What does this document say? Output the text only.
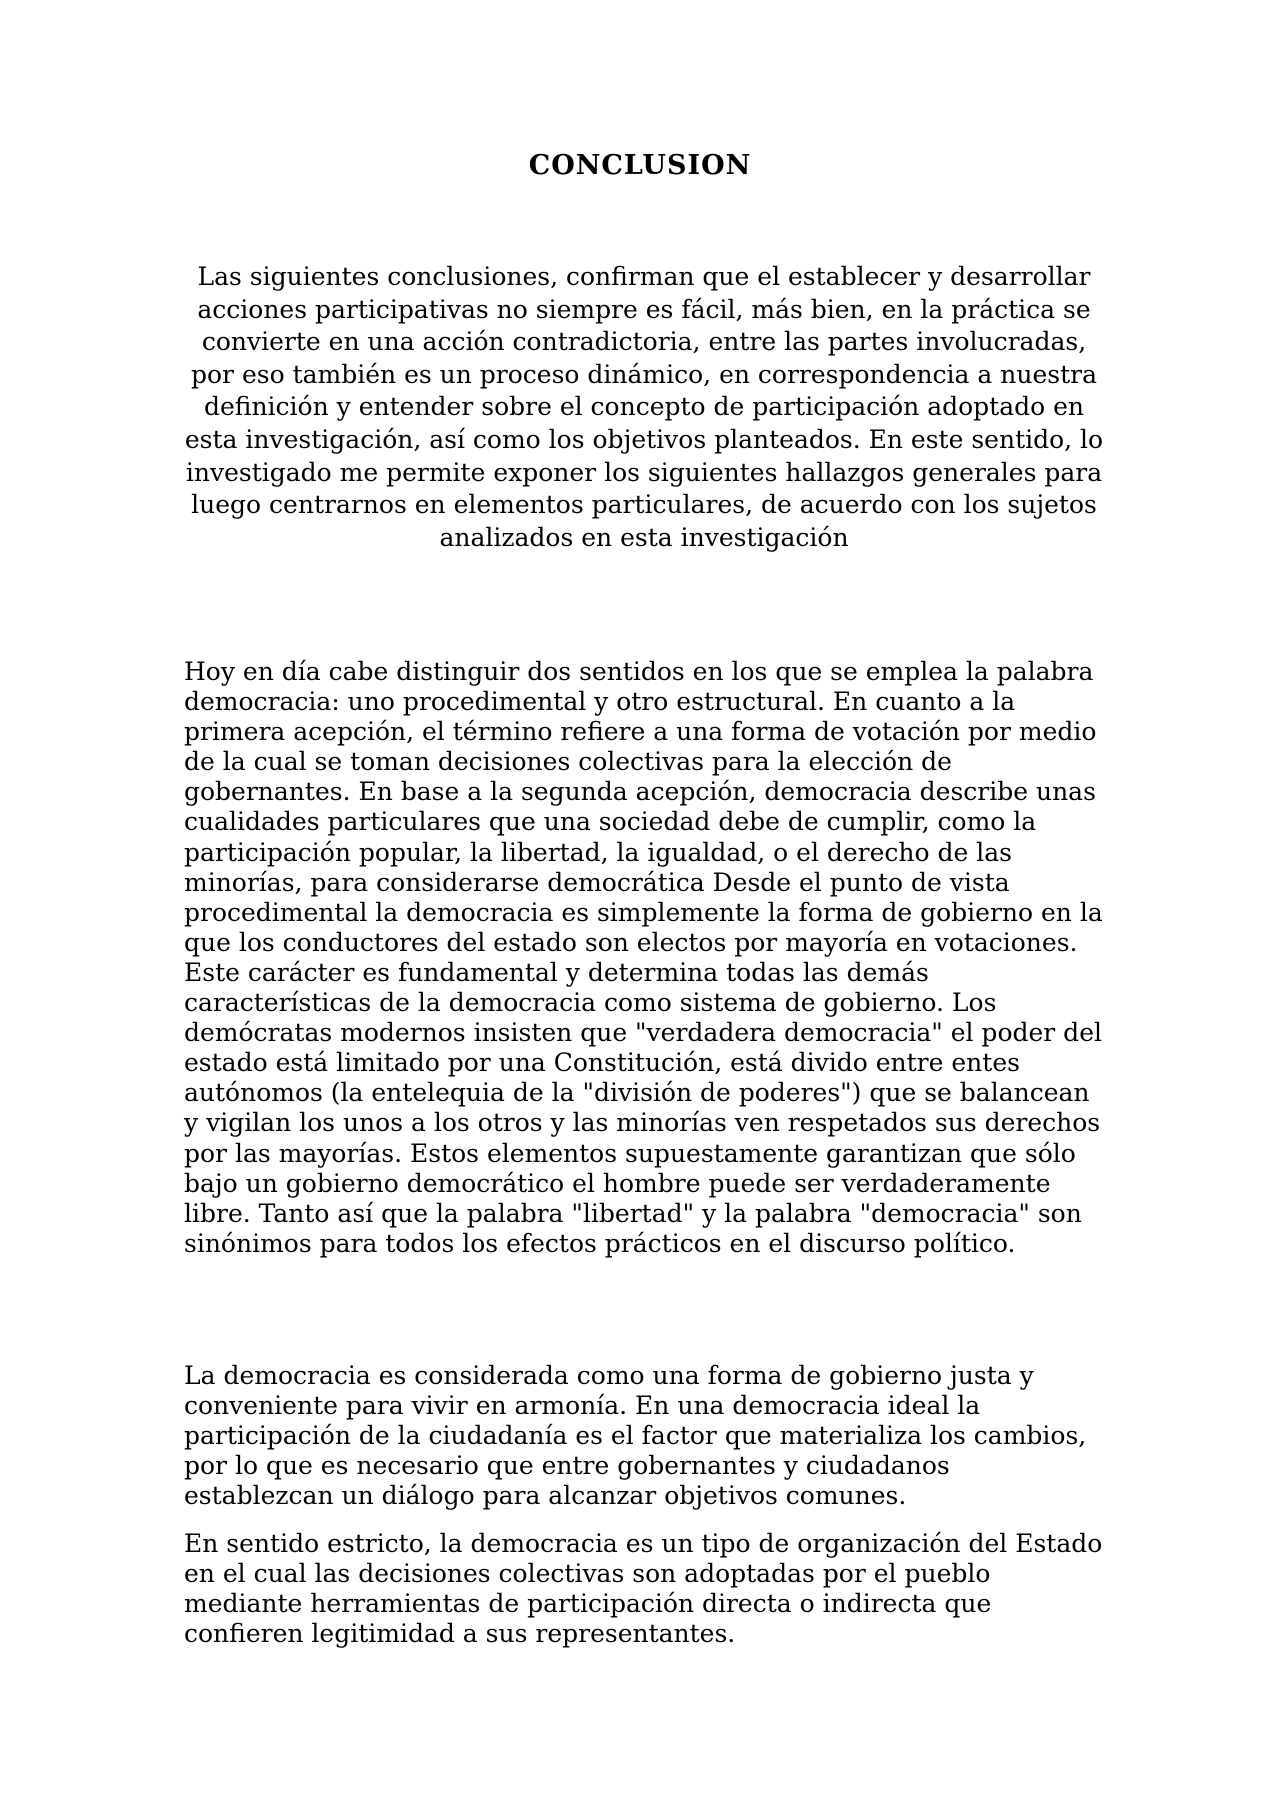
CONCLUSION

Las siguientes conclusiones, confirman que el establecer y desarrollar acciones participativas no siempre es fácil, más bien, en la práctica se convierte en una acción contradictoria, entre las partes involucradas, por eso también es un proceso dinámico, en correspondencia a nuestra definición y entender sobre el concepto de participación adoptado en esta investigación, así como los objetivos planteados. En este sentido, lo investigado me permite exponer los siguientes hallazgos generales para luego centrarnos en elementos particulares, de acuerdo con los sujetos analizados en esta investigación

Hoy en día cabe distinguir dos sentidos en los que se emplea la palabra democracia: uno procedimental y otro estructural. En cuanto a la primera acepción, el término refiere a una forma de votación por medio de la cual se toman decisiones colectivas para la elección de gobernantes. En base a la segunda acepción, democracia describe unas cualidades particulares que una sociedad debe de cumplir, como la participación popular, la libertad, la igualdad, o el derecho de las minorías, para considerarse democrática Desde el punto de vista procedimental la democracia es simplemente la forma de gobierno en la que los conductores del estado son electos por mayoría en votaciones. Este carácter es fundamental y determina todas las demás características de la democracia como sistema de gobierno. Los demócratas modernos insisten que "verdadera democracia" el poder del estado está limitado por una Constitución, está divido entre entes autónomos (la entelequia de la "división de poderes") que se balancean y vigilan los unos a los otros y las minorías ven respetados sus derechos por las mayorías. Estos elementos supuestamente garantizan que sólo bajo un gobierno democrático el hombre puede ser verdaderamente libre. Tanto así que la palabra "libertad" y la palabra "democracia" son sinónimos para todos los efectos prácticos en el discurso político.

La democracia es considerada como una forma de gobierno justa y conveniente para vivir en armonía. En una democracia ideal la participación de la ciudadanía es el factor que materializa los cambios, por lo que es necesario que entre gobernantes y ciudadanos establezcan un diálogo para alcanzar objetivos comunes.

En sentido estricto, la democracia es un tipo de organización del Estado en el cual las decisiones colectivas son adoptadas por el pueblo mediante herramientas de participación directa o indirecta que confieren legitimidad a sus representantes.
